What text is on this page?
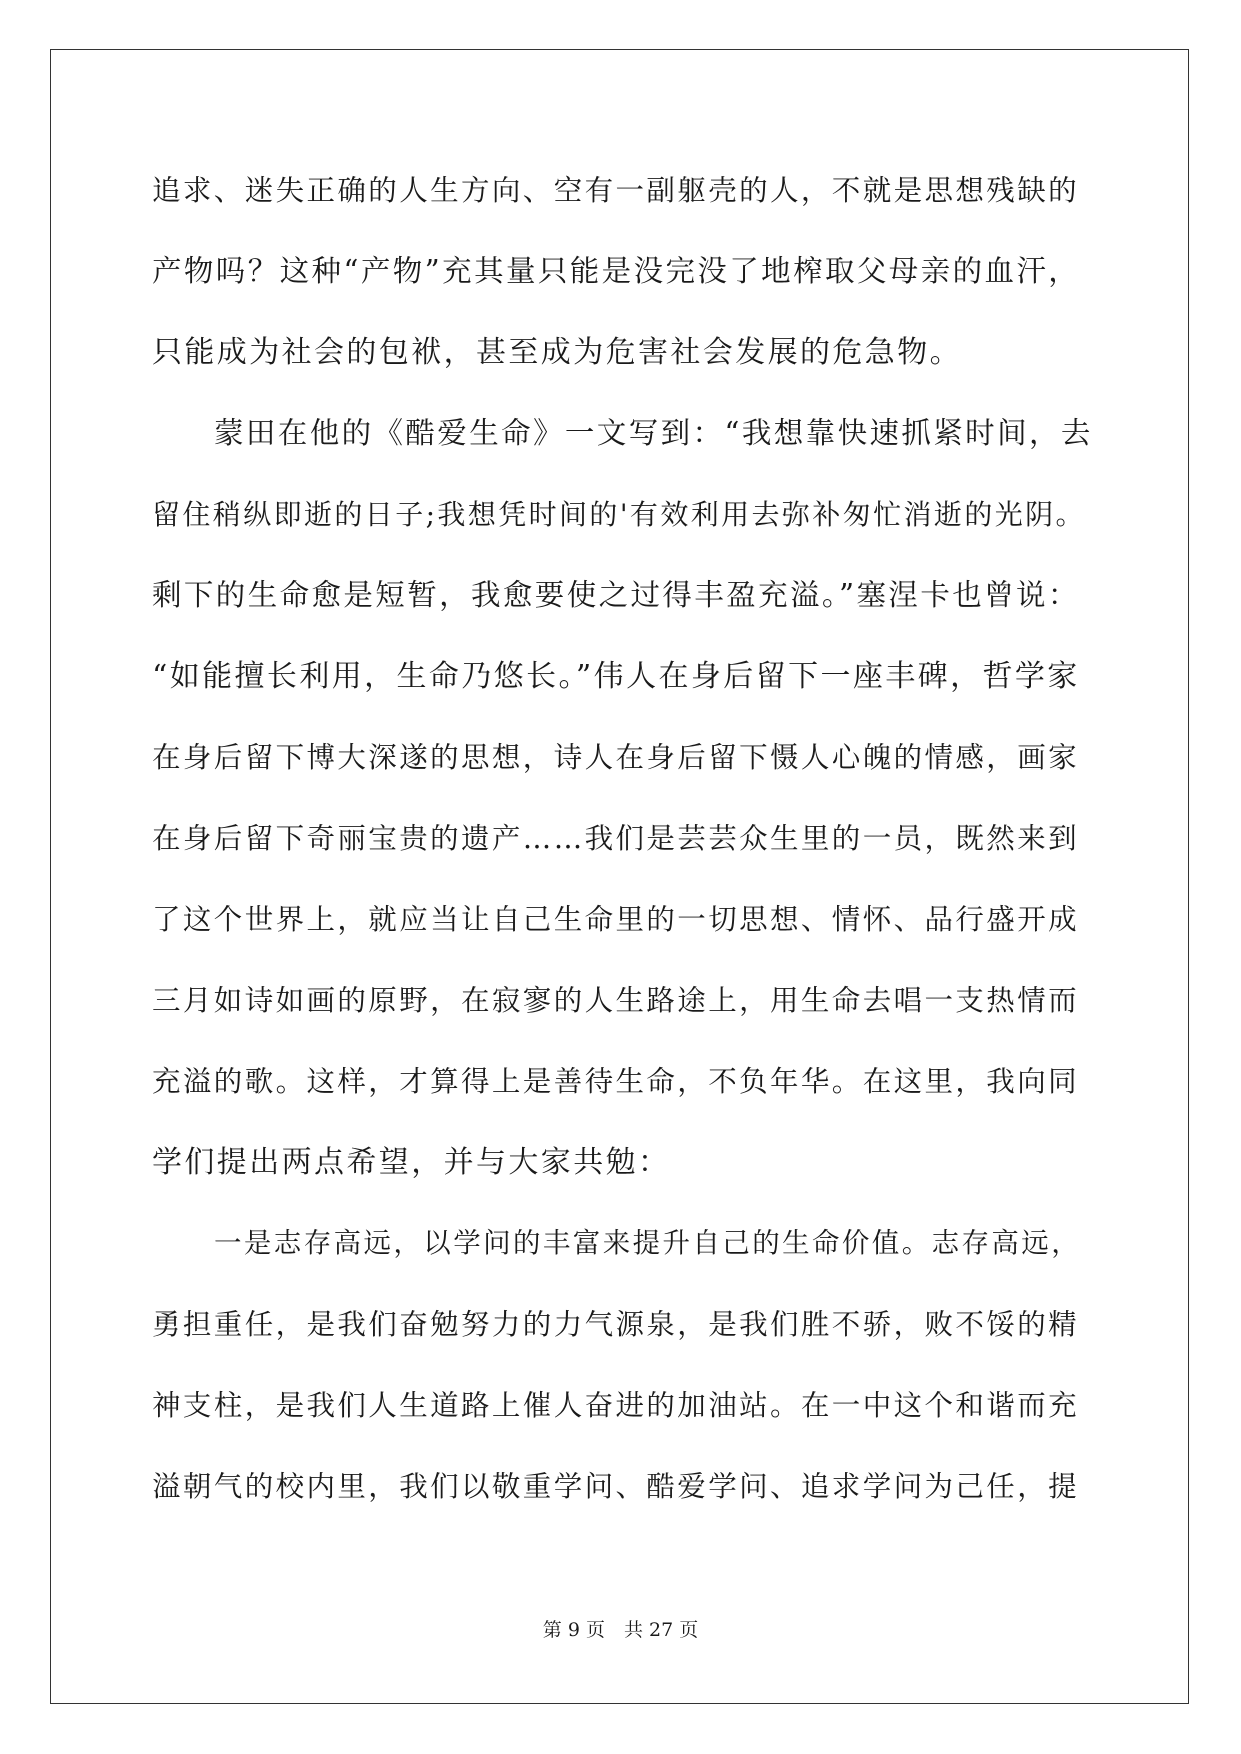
追求、迷失正确的人生方向、空有一副躯壳的人，不就是思想残缺的
产物吗？这种“产物”充其量只能是没完没了地榨取父母亲的血汗，
只能成为社会的包袱，甚至成为危害社会发展的危急物。
蒙田在他的《酷爱生命》一文写到：“我想靠快速抓紧时间，去
留住稍纵即逝的日子;我想凭时间的'有效利用去弥补匆忙消逝的光阴。
剩下的生命愈是短暂，我愈要使之过得丰盈充溢。”塞涅卡也曾说：
“如能擅长利用，生命乃悠长。”伟人在身后留下一座丰碑，哲学家
在身后留下博大深遂的思想，诗人在身后留下慑人心魄的情感，画家
在身后留下奇丽宝贵的遗产……我们是芸芸众生里的一员，既然来到
了这个世界上，就应当让自己生命里的一切思想、情怀、品行盛开成
三月如诗如画的原野，在寂寥的人生路途上，用生命去唱一支热情而
充溢的歌。这样，才算得上是善待生命，不负年华。在这里，我向同
学们提出两点希望，并与大家共勉：
一是志存高远，以学问的丰富来提升自己的生命价值。志存高远，
勇担重任，是我们奋勉努力的力气源泉，是我们胜不骄，败不馁的精
神支柱，是我们人生道路上催人奋进的加油站。在一中这个和谐而充
溢朝气的校内里，我们以敬重学问、酷爱学问、追求学问为己任，提
第 9 页　共 27 页
